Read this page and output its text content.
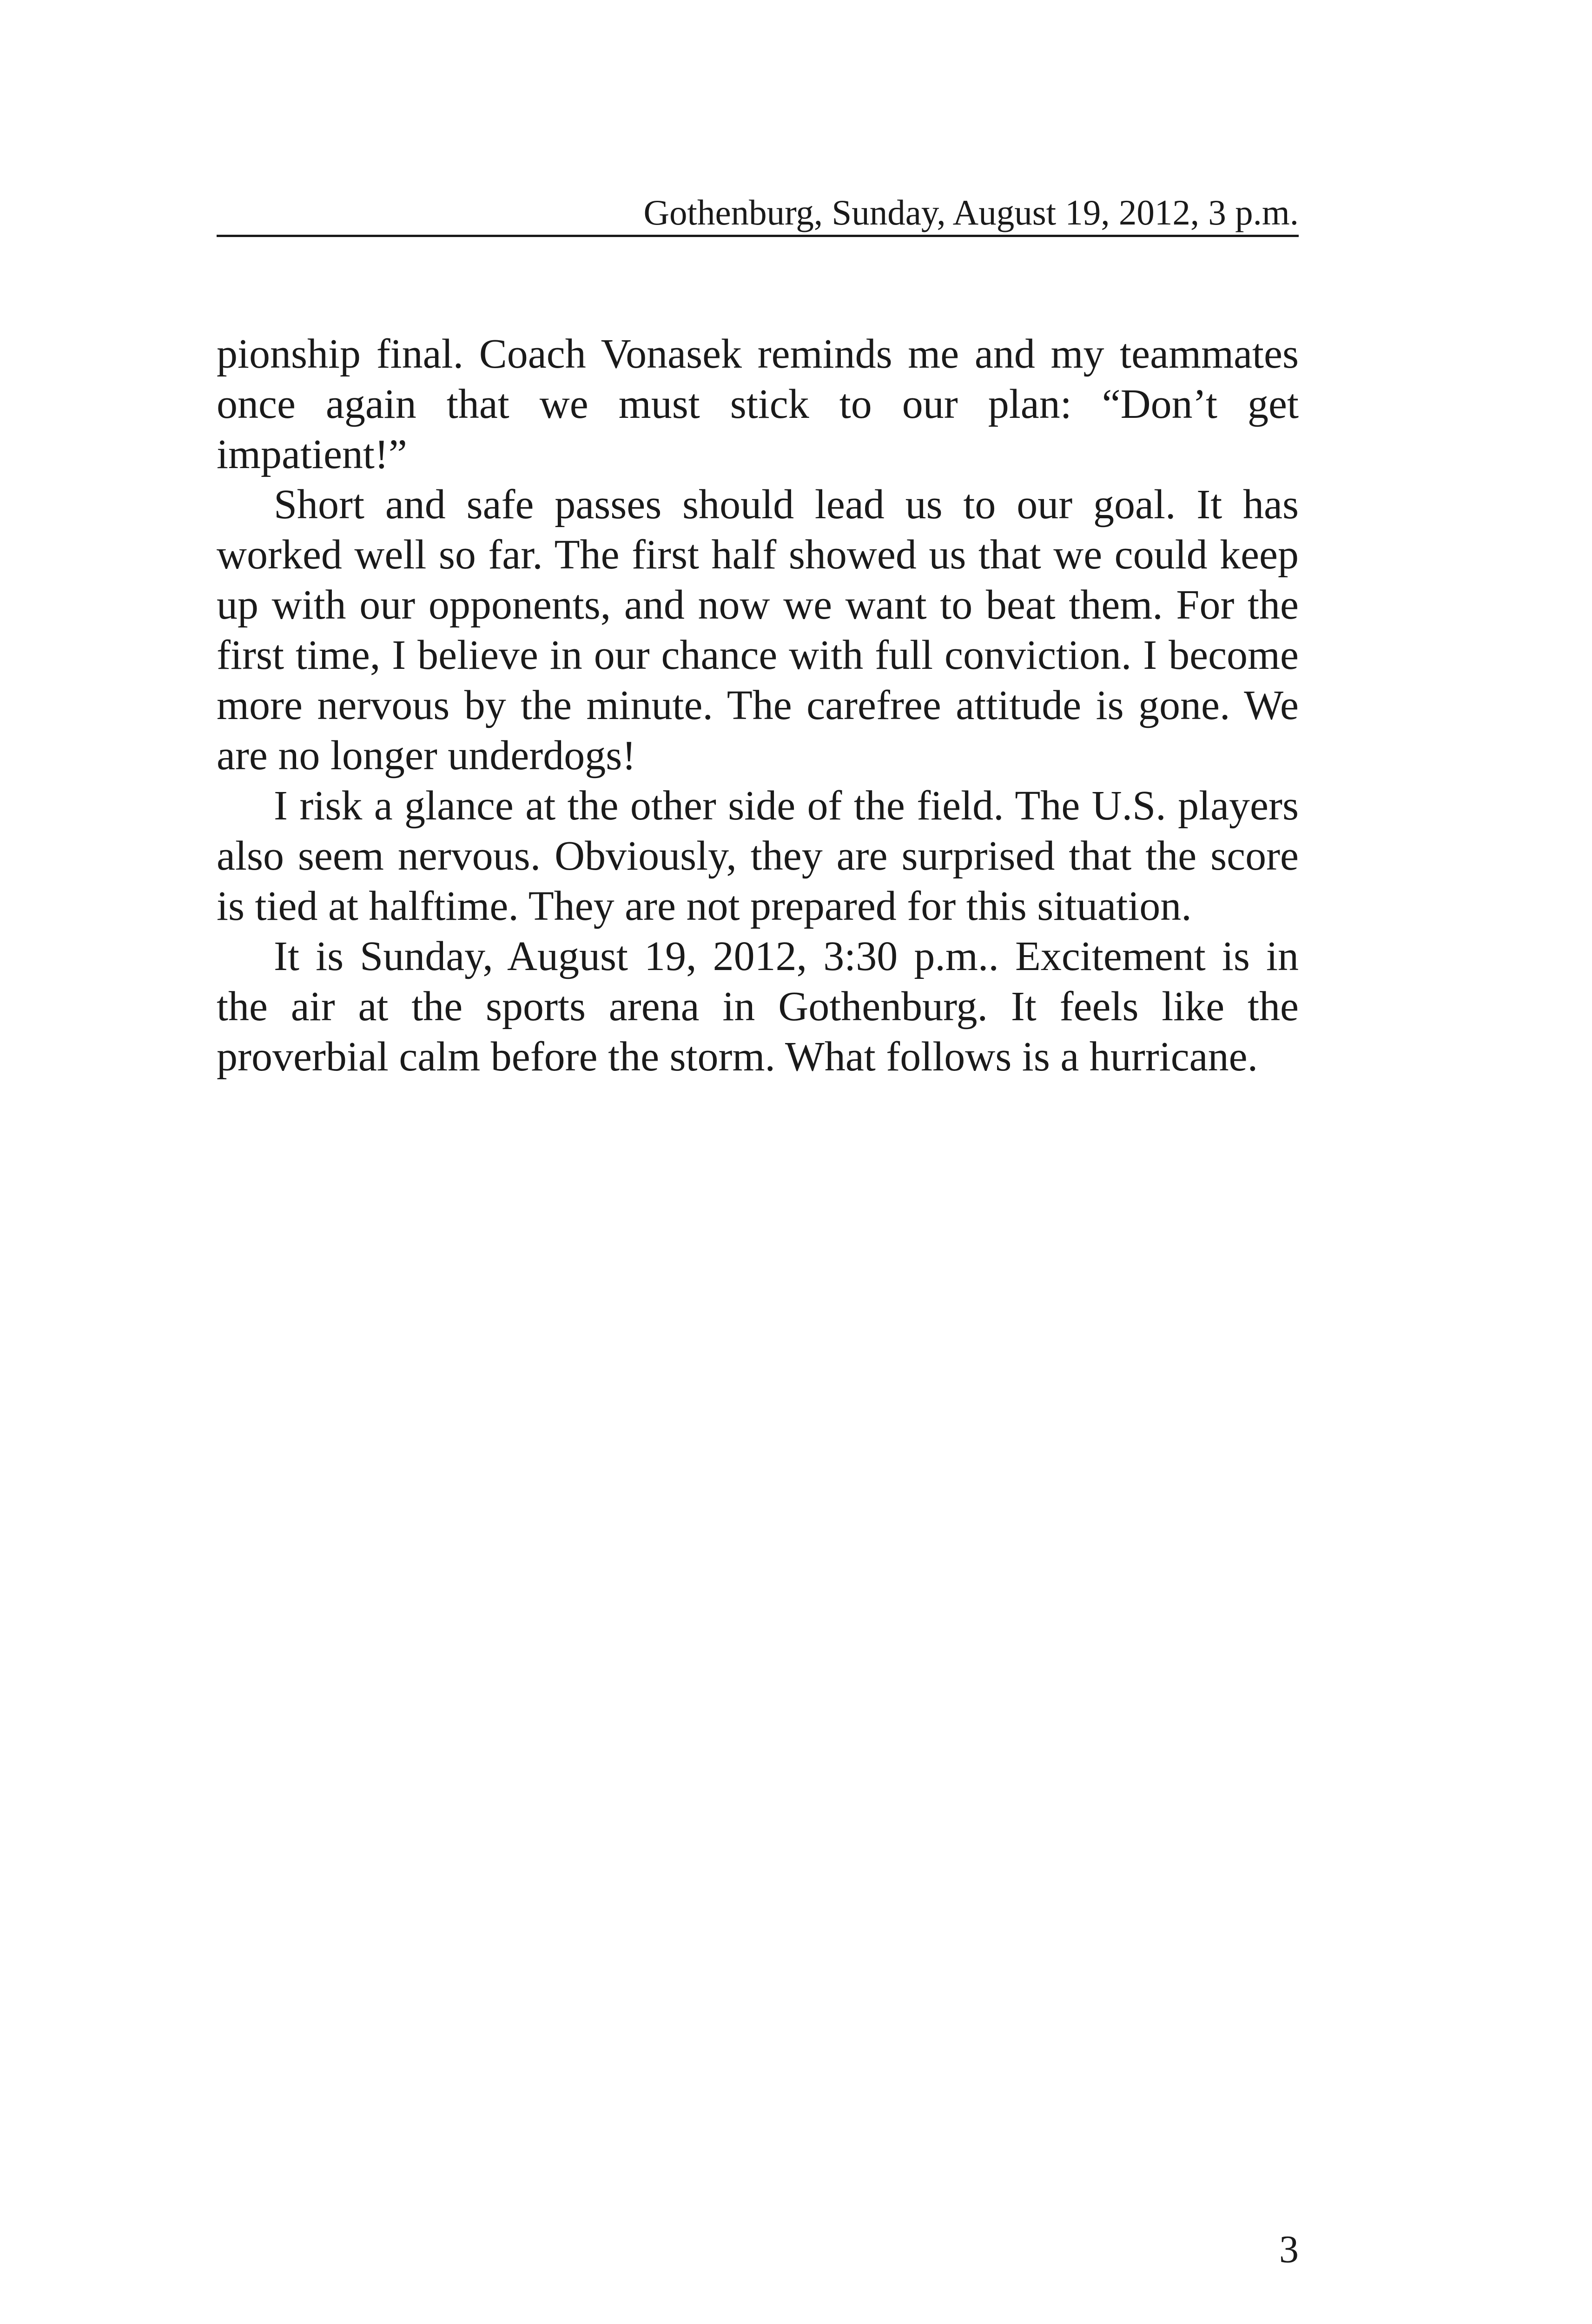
Gothenburg, Sunday, August 19, 2012, 3 p.m.

pionship final. Coach Vonasek reminds me and my teammates once again that we must stick to our plan: “Don’t get impatient!”

Short and safe passes should lead us to our goal. It has worked well so far. The first half showed us that we could keep up with our opponents, and now we want to beat them. For the first time, I believe in our chance with full conviction. I become more nervous by the minute. The carefree attitude is gone. We are no longer underdogs!

I risk a glance at the other side of the field. The U.S. players also seem nervous. Obviously, they are surprised that the score is tied at halftime. They are not prepared for this situation.

It is Sunday, August 19, 2012, 3:30 p.m.. Excitement is in the air at the sports arena in Gothenburg. It feels like the proverbial calm before the storm. What follows is a hurricane.

3
